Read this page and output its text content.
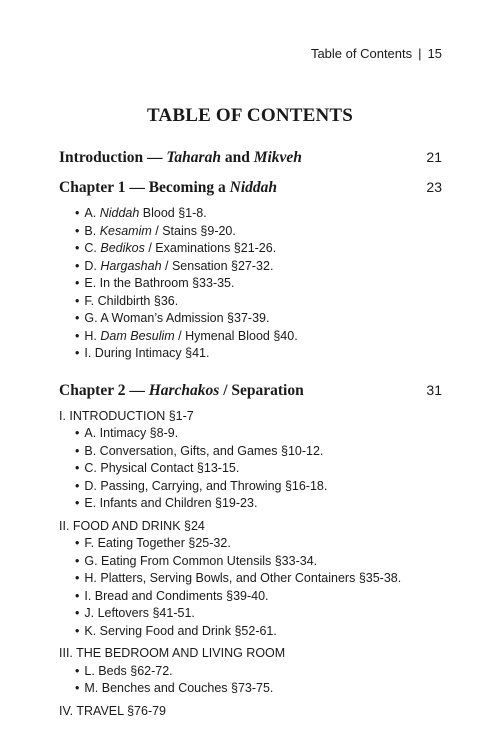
Table of Contents | 15
TABLE OF CONTENTS
Introduction — Taharah and Mikveh	21
Chapter 1 — Becoming a Niddah	23
• A. Niddah Blood §1-8.
• B. Kesamim / Stains §9-20.
• C. Bedikos / Examinations §21-26.
• D. Hargashah / Sensation §27-32.
• E. In the Bathroom §33-35.
• F. Childbirth §36.
• G. A Woman’s Admission §37-39.
• H. Dam Besulim / Hymenal Blood §40.
• I. During Intimacy §41.
Chapter 2 — Harchakos / Separation	31
I. INTRODUCTION §1-7
• A. Intimacy §8-9.
• B. Conversation, Gifts, and Games §10-12.
• C. Physical Contact §13-15.
• D. Passing, Carrying, and Throwing §16-18.
• E. Infants and Children §19-23.
II. FOOD AND DRINK §24
• F. Eating Together §25-32.
• G. Eating From Common Utensils §33-34.
• H. Platters, Serving Bowls, and Other Containers §35-38.
• I. Bread and Condiments §39-40.
• J. Leftovers §41-51.
• K. Serving Food and Drink §52-61.
III. THE BEDROOM AND LIVING ROOM
• L. Beds §62-72.
• M. Benches and Couches §73-75.
IV. TRAVEL §76-79
